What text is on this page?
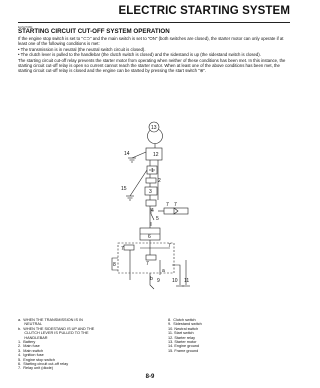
ELECTRIC STARTING SYSTEM
EAS27080
STARTING CIRCUIT CUT-OFF SYSTEM OPERATION

If the engine stop switch is set to "⊂⊃" and the main switch is set to "ON" (both switches are closed), the starter motor can only operate if at least one of the following conditions is met:

• The transmission is in neutral (the neutral switch circuit is closed).

• The clutch lever is pulled to the handlebar (the clutch switch is closed) and the sidestand is up (the sidestand switch is closed).

The starting circuit cut-off relay prevents the starter motor from operating when neither of these conditions has been met. In this instance, the starting circuit cut-off relay is open so current cannot reach the starter motor. When at least one of the above conditions has been met, the starting circuit cut-off relay is closed and the engine can be started by pressing the start switch "⊛".

13
12
14
1
15
2
3
4
7 7
5
6
7	7
7
8
a
b 9 10 11
a.  WHEN THE TRANSMISSION IS IN
NEUTRAL
b.  WHEN THE SIDESTAND IS UP AND THE
CLUTCH LEVER IS PULLED TO THE
HANDLEBAR
1.  Battery
2.  Main fuse
3.  Main switch
4.  Ignition fuse
5.  Engine stop switch
6.  Starting circuit cut-off relay
7.  Relay unit (diode)
8.  Clutch switch
9.  Sidestand switch
10. Neutral switch
11. Start switch
12. Starter relay
13. Starter motor
14. Engine ground
15. Frame ground
8-9
